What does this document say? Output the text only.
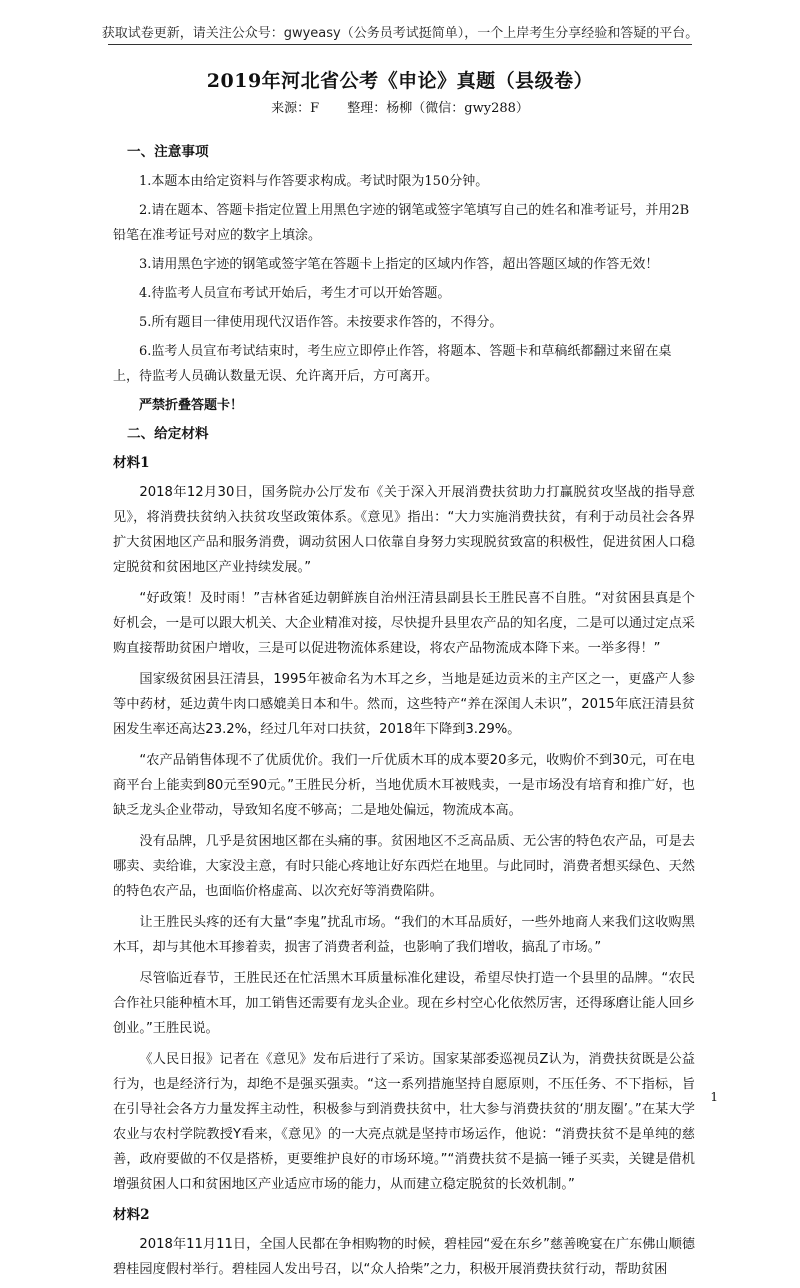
获取试卷更新，请关注公众号：gwyeasy（公务员考试挺简单），一个上岸考生分享经验和答疑的平台。
2019年河北省公考《申论》真题（县级卷）
来源：F 整理：杨柳（微信：gwy288）
一、注意事项

1.本题本由给定资料与作答要求构成。考试时限为150分钟。

2.请在题本、答题卡指定位置上用黑色字迹的钢笔或签字笔填写自己的姓名和准考证号，并用2B铅笔在准考证号对应的数字上填涂。

3.请用黑色字迹的钢笔或签字笔在答题卡上指定的区域内作答，超出答题区域的作答无效！

4.待监考人员宣布考试开始后，考生才可以开始答题。

5.所有题目一律使用现代汉语作答。未按要求作答的，不得分。

6.监考人员宣布考试结束时，考生应立即停止作答，将题本、答题卡和草稿纸都翻过来留在桌上，待监考人员确认数量无误、允许离开后，方可离开。

严禁折叠答题卡！
二、给定材料
材料1

2018年12月30日，国务院办公厅发布《关于深入开展消费扶贫助力打赢脱贫攻坚战的指导意见》，将消费扶贫纳入扶贫攻坚政策体系。《意见》指出：“大力实施消费扶贫，有利于动员社会各界扩大贫困地区产品和服务消费，调动贫困人口依靠自身努力实现脱贫致富的积极性，促进贫困人口稳定脱贫和贫困地区产业持续发展。”

“好政策！及时雨！”吉林省延边朝鲜族自治州汪清县副县长王胜民喜不自胜。“对贫困县真是个好机会，一是可以跟大机关、大企业精准对接，尽快提升县里农产品的知名度，二是可以通过定点采购直接帮助贫困户增收，三是可以促进物流体系建设，将农产品物流成本降下来。一举多得！”

国家级贫困县汪清县，1995年被命名为木耳之乡，当地是延边贡米的主产区之一，更盛产人参等中药材，延边黄牛肉口感媲美日本和牛。然而，这些特产“养在深闺人未识”，2015年底汪清县贫困发生率还高达23.2%，经过几年对口扶贫，2018年下降到3.29%。

“农产品销售体现不了优质优价。我们一斤优质木耳的成本要20多元，收购价不到30元，可在电商平台上能卖到80元至90元。”王胜民分析，当地优质木耳被贱卖，一是市场没有培育和推广好，也缺乏龙头企业带动，导致知名度不够高；二是地处偏远，物流成本高。

没有品牌，几乎是贫困地区都在头痛的事。贫困地区不乏高品质、无公害的特色农产品，可是去哪卖、卖给谁，大家没主意，有时只能心疼地让好东西烂在地里。与此同时，消费者想买绿色、天然的特色农产品，也面临价格虚高、以次充好等消费陷阱。

让王胜民头疼的还有大量“李鬼”扰乱市场。“我们的木耳品质好，一些外地商人来我们这收购黑木耳，却与其他木耳掺着卖，损害了消费者利益，也影响了我们增收，搞乱了市场。”

尽管临近春节，王胜民还在忙活黑木耳质量标准化建设，希望尽快打造一个县里的品牌。“农民合作社只能种植木耳，加工销售还需要有龙头企业。现在乡村空心化依然厉害，还得琢磨让能人回乡创业。”王胜民说。

《人民日报》记者在《意见》发布后进行了采访。国家某部委巡视员Z认为，消费扶贫既是公益行为，也是经济行为，却绝不是强买强卖。“这一系列措施坚持自愿原则，不压任务、不下指标，旨在引导社会各方力量发挥主动性，积极参与到消费扶贫中，壮大参与消费扶贫的‘朋友圈’。”在某大学农业与农村学院教授Y看来，《意见》的一大亮点就是坚持市场运作，他说：“消费扶贫不是单纯的慈善，政府要做的不仅是搭桥，更要维护良好的市场环境。”“消费扶贫不是搞一锤子买卖，关键是借机增强贫困人口和贫困地区产业适应市场的能力，从而建立稳定脱贫的长效机制。”

材料2

2018年11月11日，全国人民都在争相购物的时候，碧桂园“爱在东乡”慈善晚宴在广东佛山顺德碧桂园度假村举行。碧桂园人发出号召，以“众人拾柴”之力，积极开展消费扶贫行动，帮助贫困

1
